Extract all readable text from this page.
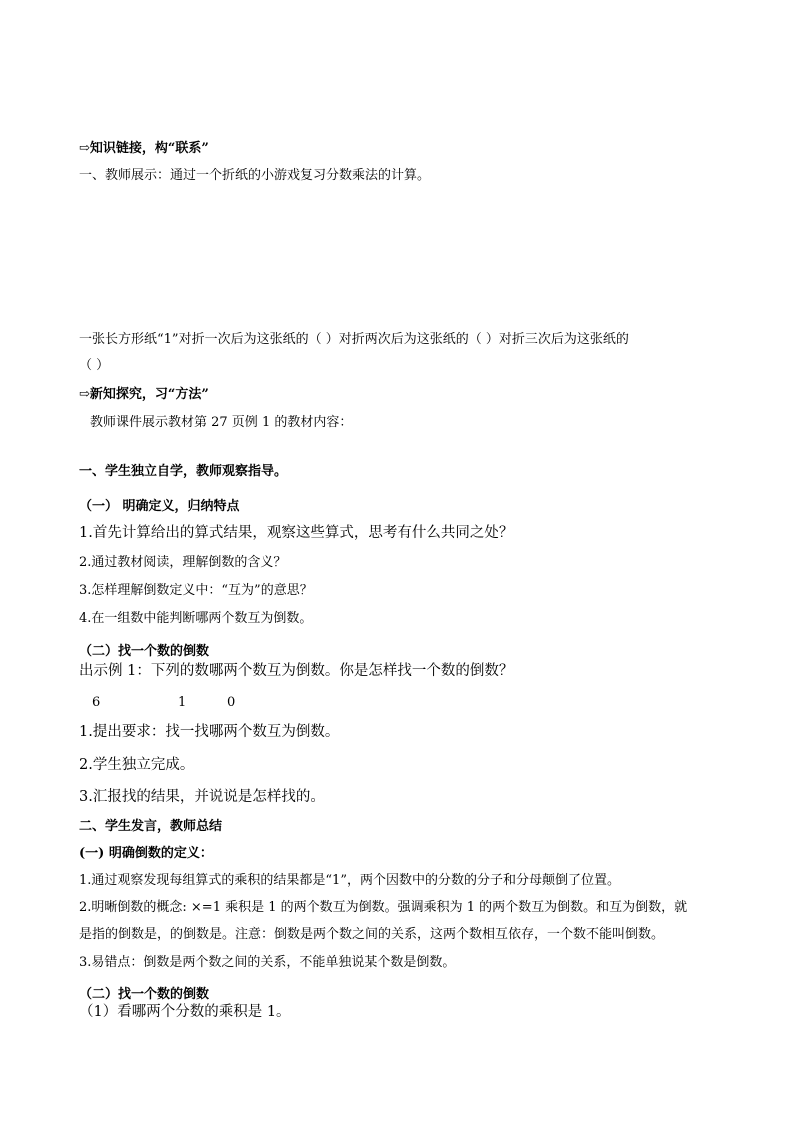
⇨知识链接，构“联系”
一、教师展示：通过一个折纸的小游戏复习分数乘法的计算。
一张长方形纸“1”对折一次后为这张纸的（ ）对折两次后为这张纸的（ ）对折三次后为这张纸的
（ ）
⇨新知探究，习“方法”
教师课件展示教材第 27 页例 1 的教材内容：
一、学生独立自学，教师观察指导。
（一） 明确定义，归纳特点
1.首先计算给出的算式结果，观察这些算式，思考有什么共同之处？
2.通过教材阅读，理解倒数的含义？
3.怎样理解倒数定义中：“互为”的意思？
4.在一组数中能判断哪两个数互为倒数。
（二）找一个数的倒数
出示例 1：下列的数哪两个数互为倒数。你是怎样找一个数的倒数？
6	1	0
1.提出要求：找一找哪两个数互为倒数。
2.学生独立完成。
3.汇报找的结果，并说说是怎样找的。
二、学生发言，教师总结
(一) 明确倒数的定义：
1.通过观察发现每组算式的乘积的结果都是“1”，两个因数中的分数的分子和分母颠倒了位置。
2.明晰倒数的概念: ×=1 乘积是 1 的两个数互为倒数。强调乘积为 1 的两个数互为倒数。和互为倒数，就
是指的倒数是，的倒数是。注意：倒数是两个数之间的关系，这两个数相互依存，一个数不能叫倒数。
3.易错点：倒数是两个数之间的关系，不能单独说某个数是倒数。
（二）找一个数的倒数
（1）看哪两个分数的乘积是 1。
